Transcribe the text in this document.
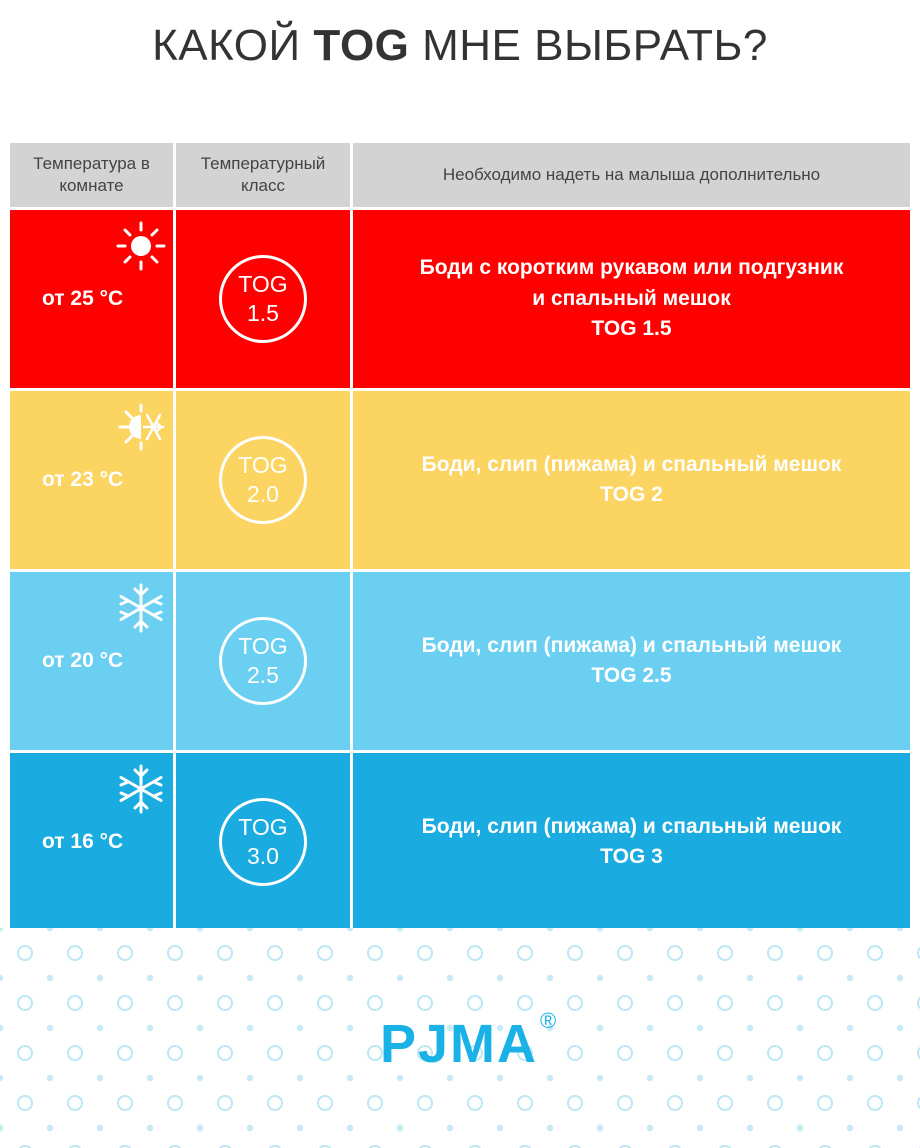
КАКОЙ TOG МНЕ ВЫБРАТЬ?
Температура в комнате
Температурный класс
Необходимо надеть на малыша дополнительно
от 25 °C
TOG
1.5
Боди с коротким рукавом или подгузник
и спальный мешок
TOG 1.5
от 23 °C
TOG
2.0
Боди, слип (пижама) и спальный мешок
TOG 2
от 20 °C
TOG
2.5
Боди, слип (пижама) и спальный мешок
TOG 2.5
от 16 °C
TOG
3.0
Боди, слип (пижама) и спальный мешок
TOG 3
PJMA ®
